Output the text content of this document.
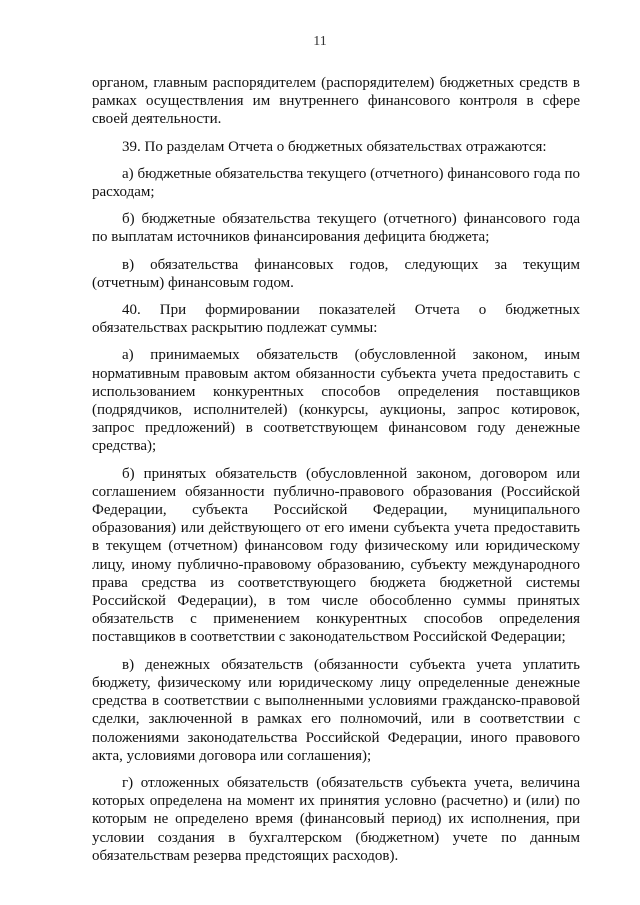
11

органом, главным распорядителем (распорядителем) бюджетных средств в рамках осуществления им внутреннего финансового контроля в сфере своей деятельности.

39. По разделам Отчета о бюджетных обязательствах отражаются:

а) бюджетные обязательства текущего (отчетного) финансового года по расходам;

б) бюджетные обязательства текущего (отчетного) финансового года по выплатам источников финансирования дефицита бюджета;

в) обязательства финансовых годов, следующих за текущим (отчетным) финансовым годом.

40. При формировании показателей Отчета о бюджетных обязательствах раскрытию подлежат суммы:

а) принимаемых обязательств (обусловленной законом, иным нормативным правовым актом обязанности субъекта учета предоставить с использованием конкурентных способов определения поставщиков (подрядчиков, исполнителей) (конкурсы, аукционы, запрос котировок, запрос предложений) в соответствующем финансовом году денежные средства);

б) принятых обязательств (обусловленной законом, договором или соглашением обязанности публично-правового образования (Российской Федерации, субъекта Российской Федерации, муниципального образования) или действующего от его имени субъекта учета предоставить в текущем (отчетном) финансовом году физическому или юридическому лицу, иному публично-правовому образованию, субъекту международного права средства из соответствующего бюджета бюджетной системы Российской Федерации), в том числе обособленно суммы принятых обязательств с применением конкурентных способов определения поставщиков в соответствии с законодательством Российской Федерации;

в) денежных обязательств (обязанности субъекта учета уплатить бюджету, физическому или юридическому лицу определенные денежные средства в соответствии с выполненными условиями гражданско-правовой сделки, заключенной в рамках его полномочий, или в соответствии с положениями законодательства Российской Федерации, иного правового акта, условиями договора или соглашения);

г) отложенных обязательств (обязательств субъекта учета, величина которых определена на момент их принятия условно (расчетно) и (или) по которым не определено время (финансовый период) их исполнения, при условии создания в бухгалтерском (бюджетном) учете по данным обязательствам резерва предстоящих расходов).
